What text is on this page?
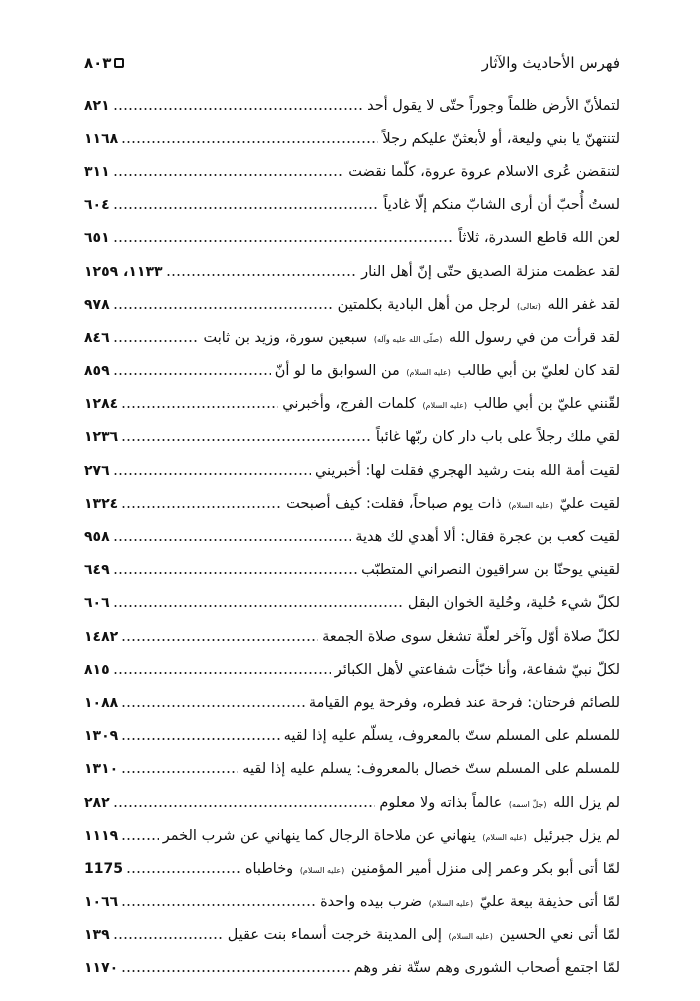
٨٠٣	فهرس الأحاديث والآثار
لتملأنّ الأرض ظلماً وجوراً حتّى لا يقول أحد
٨٢١
لتنتهنّ يا بني وليعة، أو لأبعثنّ عليكم رجلاً
١١٦٨
لتنقضن عُرى الاسلام عروة عروة، كلّما نقضت
٣١١
لستُ أُحبّ أن أرى الشابّ منكم إلّا غادياً
٦٠٤
لعن الله قاطع السدرة، ثلاثاً
٦٥١
لقد عظمت منزلة الصديق حتّى إنّ أهل النار
١١٣٣، ١٢٥٩
لقد غفر الله (تعالى) لرجل من أهل البادية بكلمتين
٩٧٨
لقد قرأت من في رسول الله (صلّى الله عليه وآله) سبعين سورة، وزيد بن ثابت
٨٤٦
لقد كان لعليّ بن أبي طالب (عليه السلام) من السوابق ما لو أنّ
٨٥٩
لقّنني عليّ بن أبي طالب (عليه السلام) كلمات الفرج، وأخبرني
١٢٨٤
لقي ملك رجلاً على باب دار كان ربّها غائباً
١٢٣٦
لقيت أمة الله بنت رشيد الهجري فقلت لها: أخبريني
٢٧٦
لقيت عليّ (عليه السلام) ذات يوم صباحاً، فقلت: كيف أصبحت
١٣٢٤
لقيت كعب بن عجرة فقال: ألا أهدي لك هدية
٩٥٨
لقيني يوحنّا بن سراقيون النصراني المتطبّب
٦٤٩
لكلّ شيء حُلية، وحُلية الخوان البقل
٦٠٦
لكلّ صلاة أوّل وآخر لعلّة تشغل سوى صلاة الجمعة
١٤٨٢
لكلّ نبيّ شفاعة، وأنا خبّأت شفاعتي لأهل الكبائر
٨١٥
للصائم فرحتان: فرحة عند فطره، وفرحة يوم القيامة
١٠٨٨
للمسلم على المسلم ستّ بالمعروف، يسلّم عليه إذا لقيه
١٣٠٩
للمسلم على المسلم ستّ خصال بالمعروف: يسلم عليه إذا لقيه
١٣١٠
لم يزل الله (جلّ اسمه) عالماً بذاته ولا معلوم
٢٨٢
لم يزل جبرئيل (عليه السلام) ينهاني عن ملاحاة الرجال كما ينهاني عن شرب الخمر
١١١٩
لمّا أتى أبو بكر وعمر إلى منزل أمير المؤمنين (عليه السلام) وخاطباه
1175
لمّا أتى حذيفة بيعة عليّ (عليه السلام) ضرب بيده واحدة
١٠٦٦
لمّا أتى نعي الحسين (عليه السلام) إلى المدينة خرجت أسماء بنت عقيل
١٣٩
لمّا اجتمع أصحاب الشورى وهم ستّة نفر وهم
١١٧٠
